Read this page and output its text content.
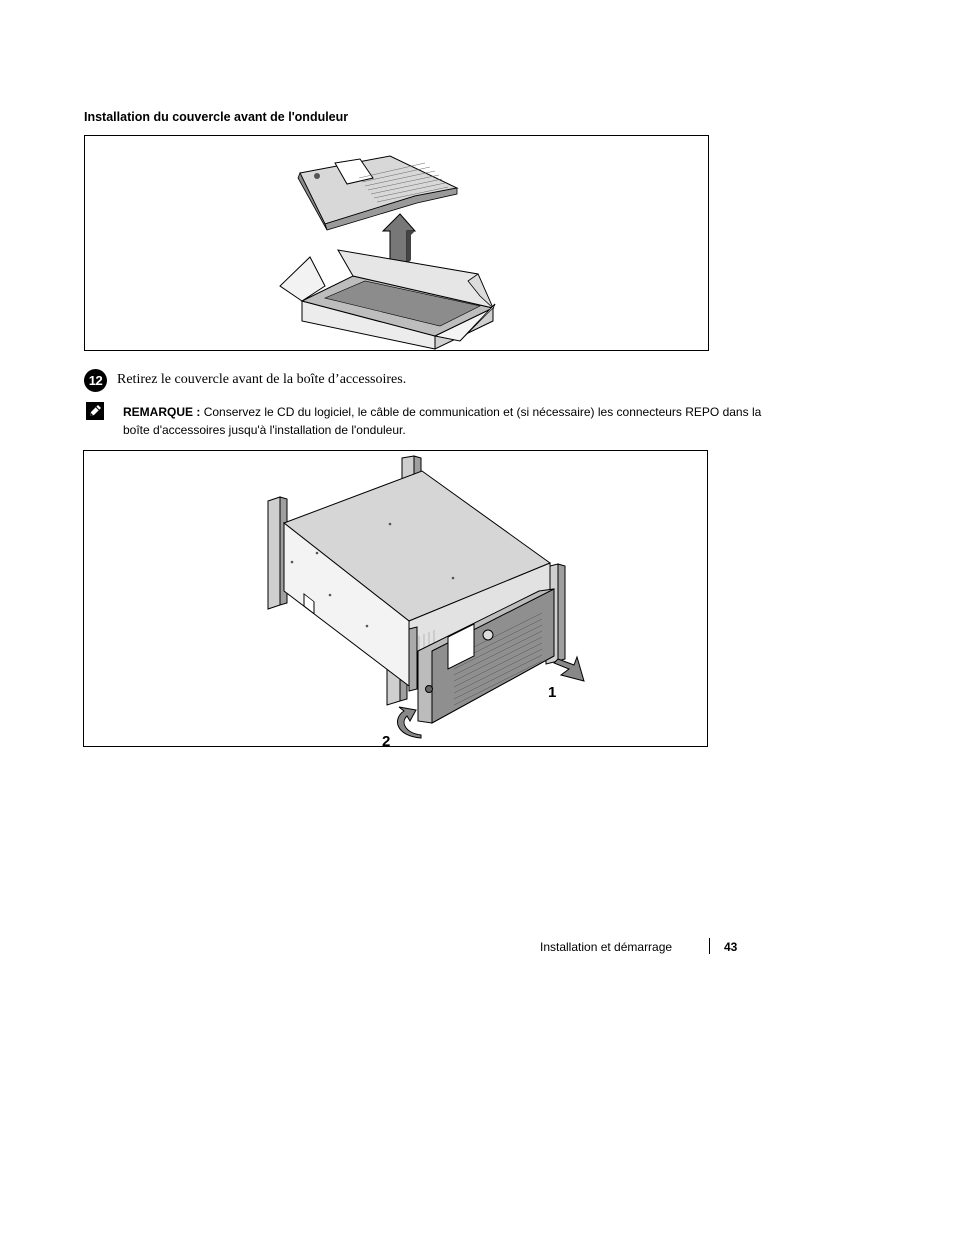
Installation du couvercle avant de l'onduleur
12	Retirez le couvercle avant de la boîte d’accessoires.
REMARQUE : Conservez le CD du logiciel, le câble de communication et (si nécessaire) les connecteurs REPO dans la boîte d'accessoires jusqu'à l'installation de l'onduleur.
1
2
Installation et démarrage	43
